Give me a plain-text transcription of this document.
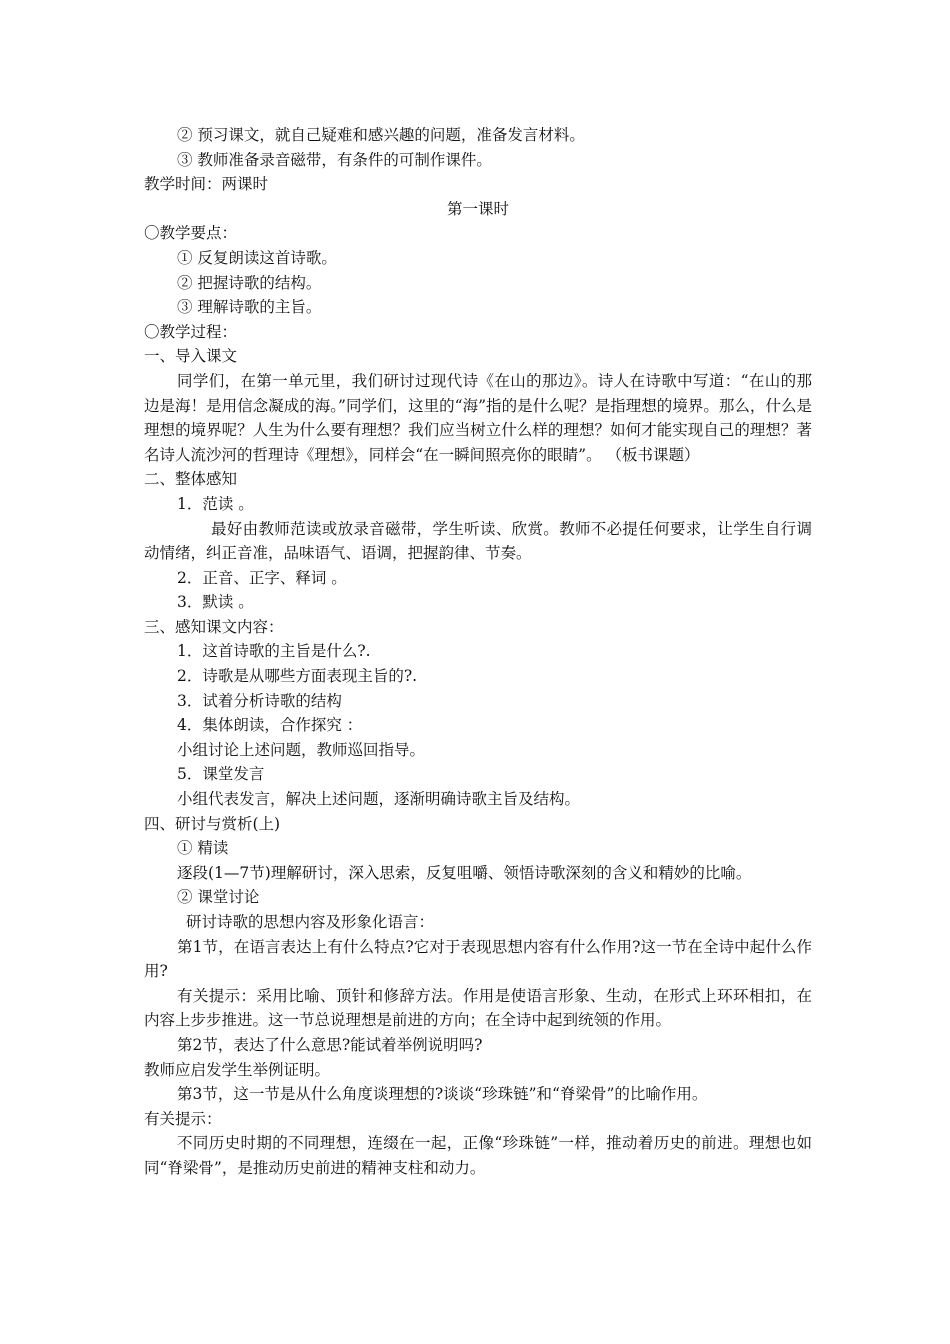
② 预习课文，就自己疑难和感兴趣的问题，准备发言材料。

③ 教师准备录音磁带，有条件的可制作课件。

教学时间：两课时

第一课时

〇教学要点：

① 反复朗读这首诗歌。

② 把握诗歌的结构。

③ 理解诗歌的主旨。

〇教学过程：

一、导入课文

同学们，在第一单元里，我们研讨过现代诗《在山的那边》。诗人在诗歌中写道：“在山的那边是海！是用信念凝成的海。”同学们，这里的“海”指的是什么呢？是指理想的境界。那么，什么是理想的境界呢？人生为什么要有理想？我们应当树立什么样的理想？如何才能实现自己的理想？著名诗人流沙河的哲理诗《理想》，同样会“在一瞬间照亮你的眼睛”。 （板书课题）

二、整体感知

1．范读 。

最好由教师范读或放录音磁带，学生听读、欣赏。教师不必提任何要求，让学生自行调动情绪，纠正音准，品味语气、语调，把握韵律、节奏。

2．正音、正字、释词 。

3．默读 。

三、感知课文内容：

1．这首诗歌的主旨是什么?.

2．诗歌是从哪些方面表现主旨的?.

3．试着分析诗歌的结构

4．集体朗读，合作探究 ：

小组讨论上述问题，教师巡回指导。

5．课堂发言

小组代表发言，解决上述问题，逐渐明确诗歌主旨及结构。

四、研讨与赏析(上)

① 精读

逐段(1—7节)理解研讨，深入思索，反复咀嚼、领悟诗歌深刻的含义和精妙的比喻。

② 课堂讨论

研讨诗歌的思想内容及形象化语言：

第1节，在语言表达上有什么特点?它对于表现思想内容有什么作用?这一节在全诗中起什么作用?

有关提示：采用比喻、顶针和修辞方法。作用是使语言形象、生动，在形式上环环相扣，在内容上步步推进。这一节总说理想是前进的方向；在全诗中起到统领的作用。

第2节，表达了什么意思?能试着举例说明吗?

教师应启发学生举例证明。

第3节，这一节是从什么角度谈理想的?谈谈“珍珠链”和“脊梁骨”的比喻作用。

有关提示：

不同历史时期的不同理想，连缀在一起，正像“珍珠链”一样，推动着历史的前进。理想也如同“脊梁骨”，是推动历史前进的精神支柱和动力。
